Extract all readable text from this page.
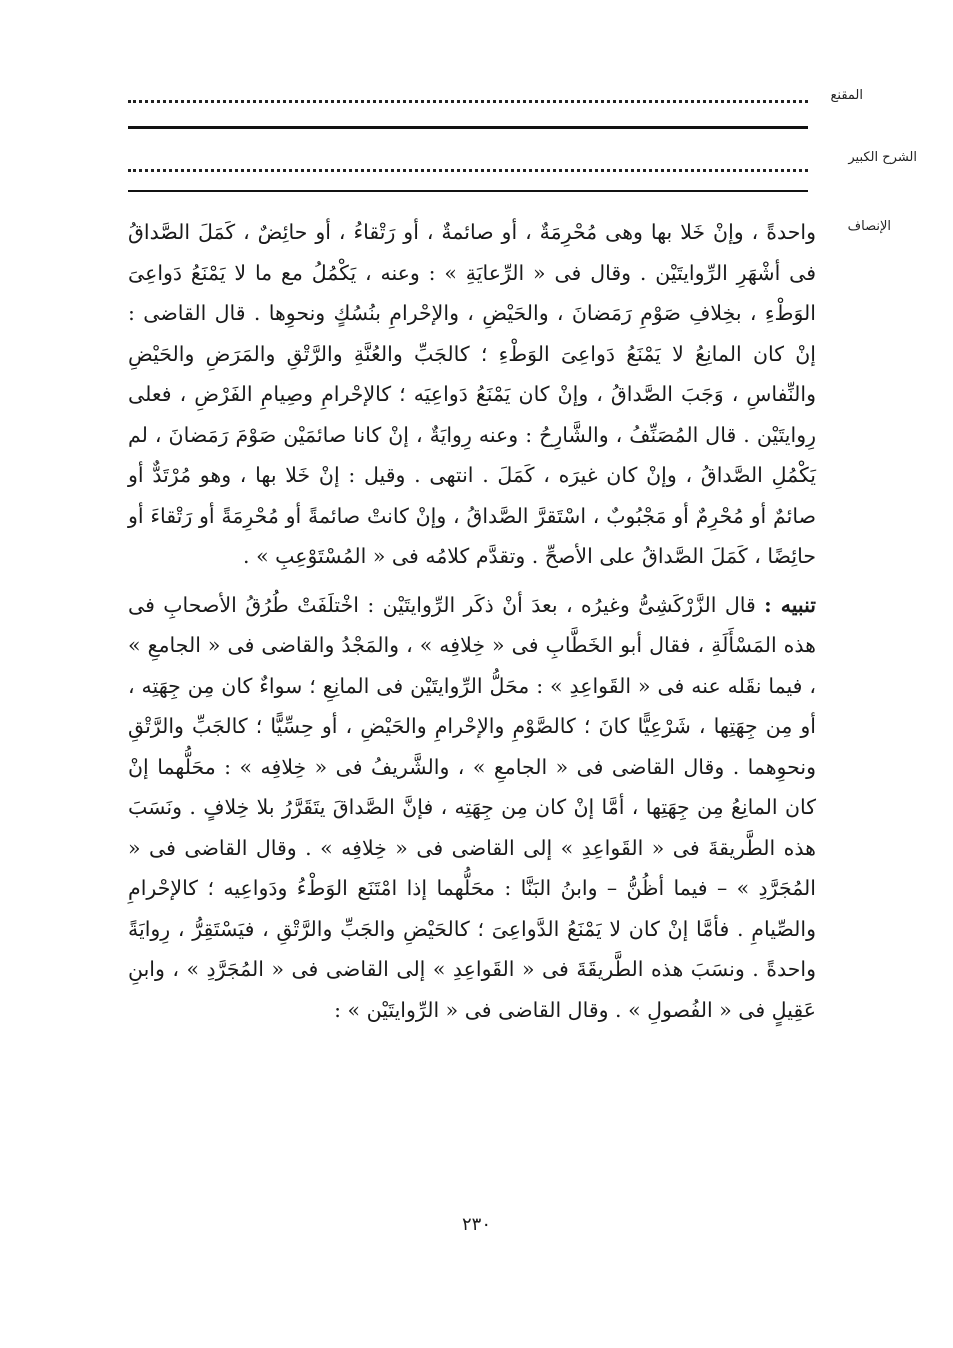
المقنع
الشرح الكبير
الإنصاف

واحدةً ، وإنْ خَلا بها وهى مُحْرِمَةٌ ، أو صائمةٌ ، أو رَتْقاءُ ، أو حائِضٌ ، كَمَلَ الصَّداقُ فى أشْهَرِ الرِّوايتَيْن . وقال فى « الرِّعايَةِ » : وعنه ، يَكْمُلُ مع ما لا يَمْنَعُ دَواعِىَ الوَطْءِ ، بخِلافِ صَوْمِ رَمَضانَ ، والحَيْضِ ، والإحْرامِ بنُسُكٍ ونحوِها . قال القاضى : إنْ كان المانِعُ لا يَمْنَعُ دَواعِىَ الوَطْءِ ؛ كالجَبِّ والعُنَّةِ والرَّتْقِ والمَرَضِ والحَيْضِ والنِّفاسِ ، وَجَبَ الصَّداقُ ، وإنْ كان يَمْنَعُ دَواعِيَه ؛ كالإحْرامِ وصِيامِ الفَرْضِ ، فعلى رِوايتَيْن . قال المُصَنِّفُ ، والشَّارِحُ : وعنه رِوايَةٌ ، إنْ كانا صائمَيْن صَوْمَ رَمَضانَ ، لم يَكْمُلِ الصَّداقُ ، وإنْ كان غيرَه ، كَمَلَ . انتهى . وقيل : إنْ خَلا بها ، وهو مُرْتَدٌّ أو صائمٌ أو مُحْرِمٌ أو مَجْبُوبٌ ، اسْتَقرَّ الصَّداقُ ، وإنْ كانتْ صائمةً أو مُحْرِمَةً أو رَتْقاءَ أو حائِضًا ، كَمَلَ الصَّداقُ على الأصحِّ . وتقدَّم كلامُه فى « المُسْتَوْعِبِ » .

تنبيه : قال الزَّرْكَشِىُّ وغيرُه ، بعدَ أنْ ذكَر الرِّوايتَيْن : اخْتلَفَتْ طُرُقُ الأصحابِ فى هذه المَسْأَلَةِ ، فقال أبو الخَطَّابِ فى « خِلافِه » ، والمَجْدُ والقاضى فى « الجامعِ » ، فيما نقَله عنه فى « القَواعِدِ » : محَلُّ الرِّوايتَيْن فى المانِعِ ؛ سواءٌ كان مِن جِهَتِه ، أو مِن جِهَتِها ، شَرْعِيًّا كانَ ؛ كالصَّوْمِ والإحْرامِ والحَيْضِ ، أو حِسِّيًّا ؛ كالجَبِّ والرَّتْقِ ونحوِهما . وقال القاضى فى « الجامعِ » ، والشَّريفُ فى « خِلافِه » : محَلُّهما إنْ كان المانِعُ مِن جِهَتِها ، أمَّا إنْ كان مِن جِهَتِه ، فإنَّ الصَّداقَ يتَقَرَّرُ بلا خِلافٍ . ونَسَبَ هذه الطَّريقةَ فى « القَواعِدِ » إلى القاضى فى « خِلافِه » . وقال القاضى فى « المُجَرَّدِ » – فيما أظُنُّ – وابنُ البَنَّا : محَلُّهما إذا امْتَنَع الوَطْءُ ودَواعِيه ؛ كالإحْرامِ والصِّيامِ . فأمَّا إنْ كان لا يَمْنَعُ الدَّواعِىَ ؛ كالحَيْضِ والجَبِّ والرَّتْقِ ، فيَسْتَقِرُّ ، رِوايَةً واحدةً . ونسَبَ هذه الطَّريقَةَ فى « القَواعِدِ » إلى القاضى فى « المُجَرَّدِ » ، وابنِ عَقِيلٍ فى « الفُصولِ » . وقال القاضى فى « الرِّوايتَيْن » :

٢٣٠
